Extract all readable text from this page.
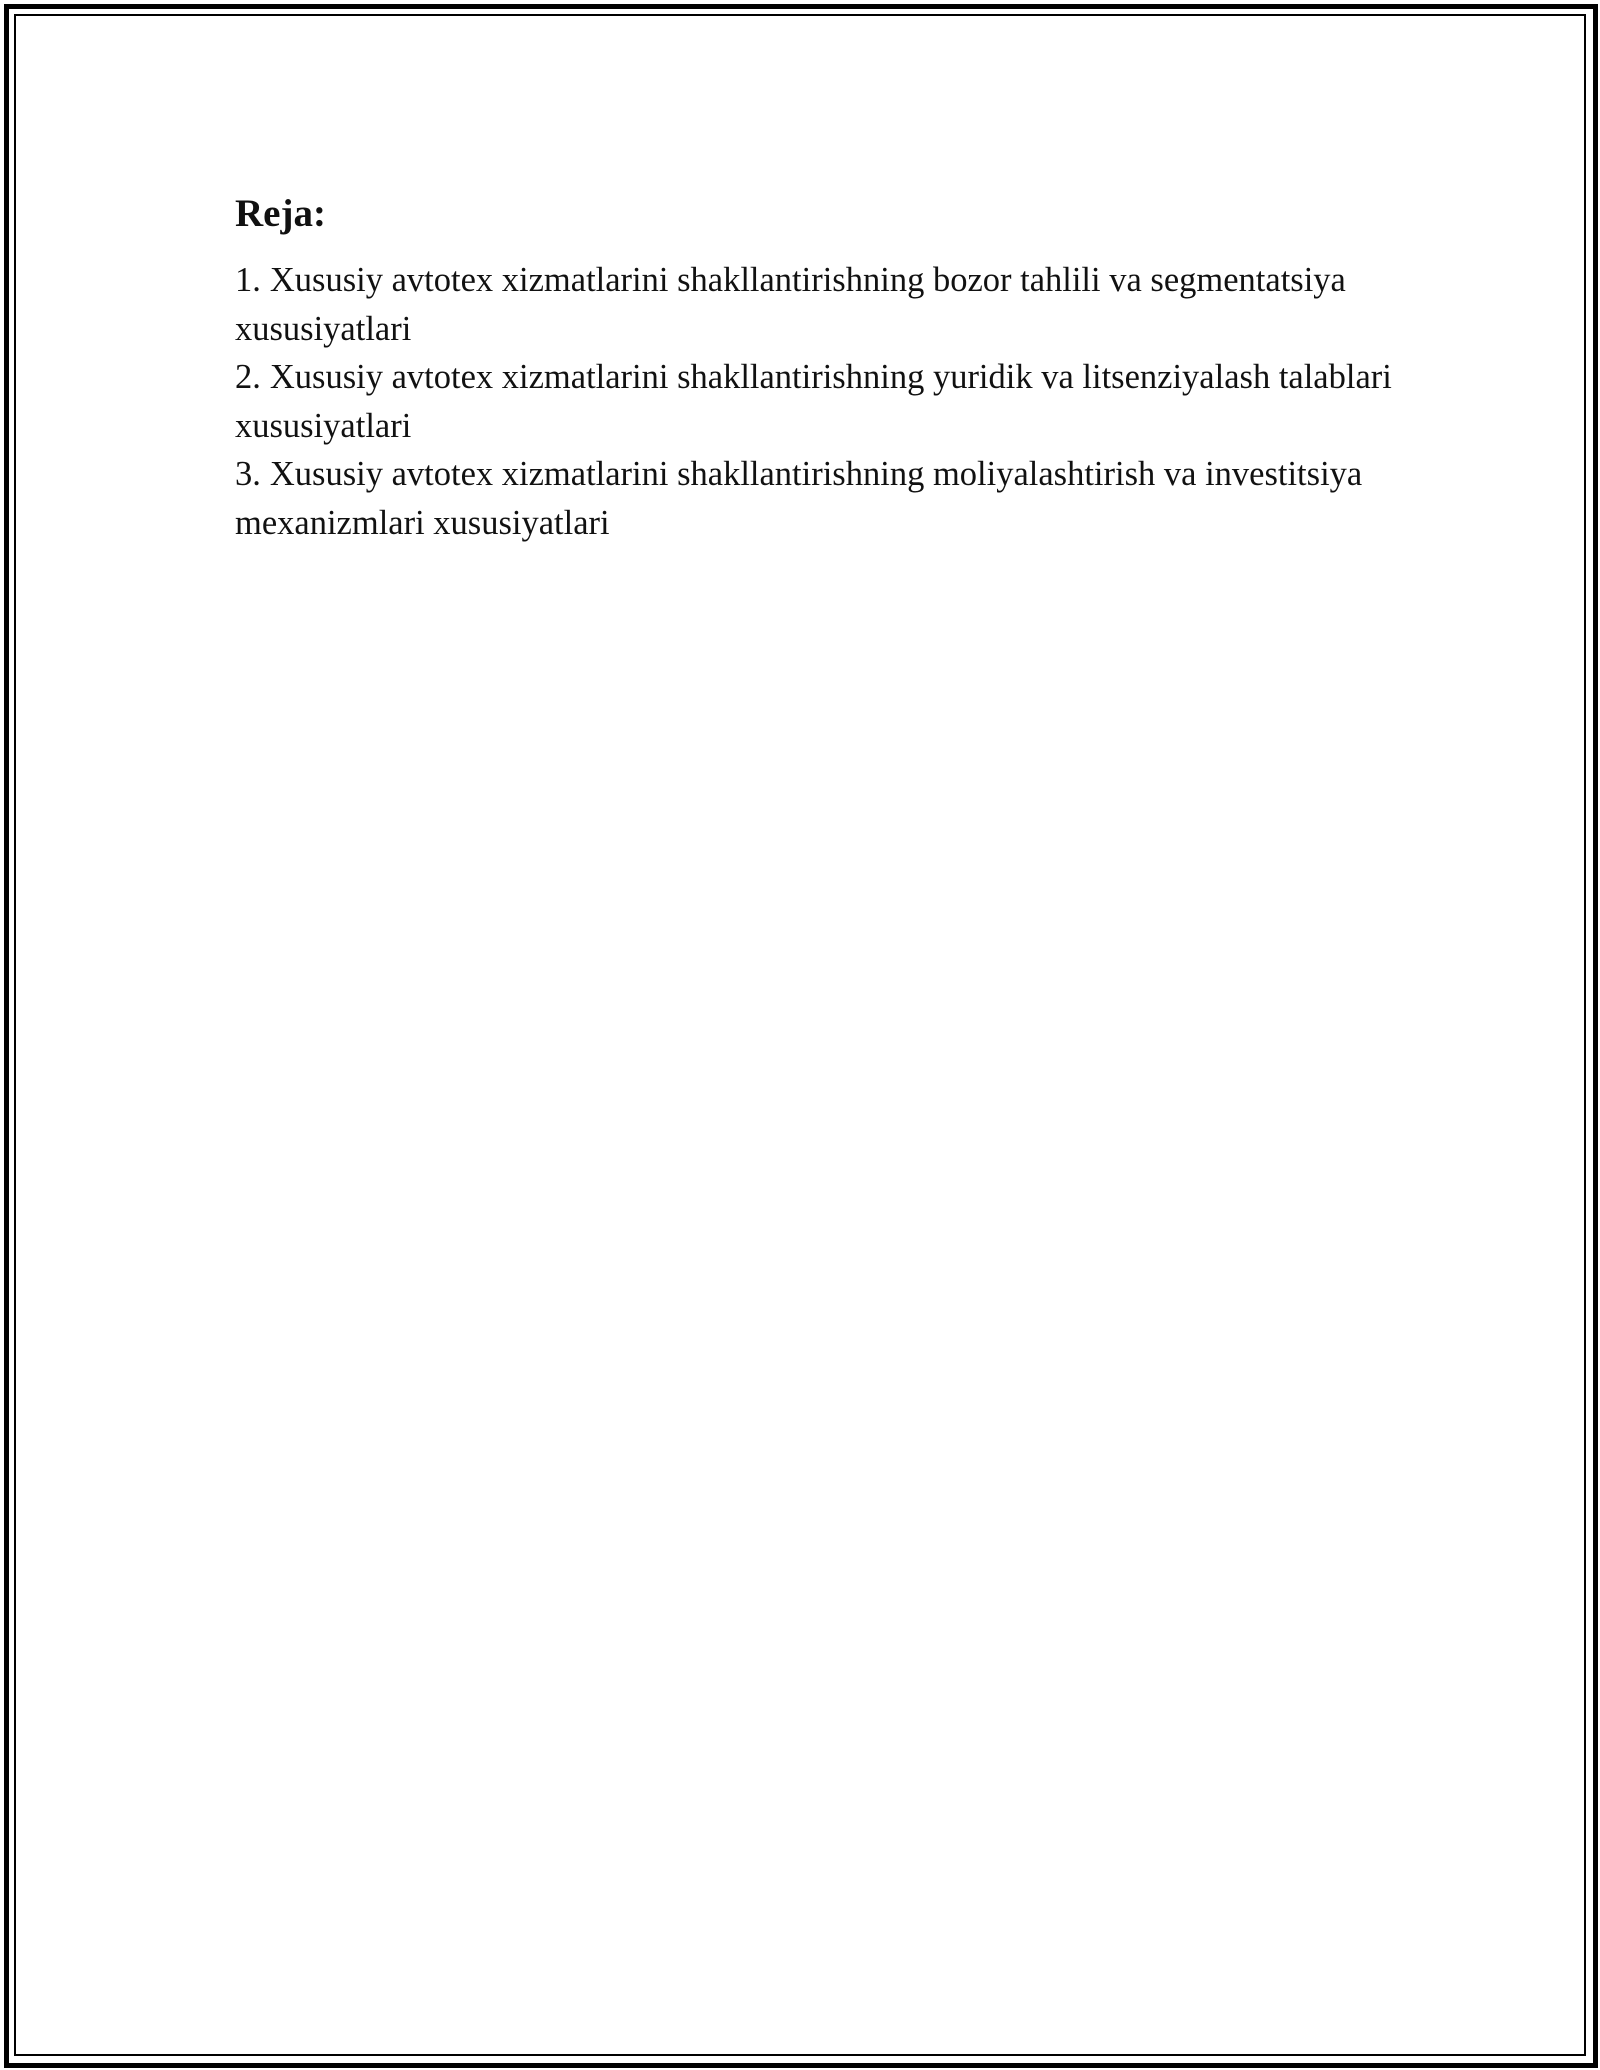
Reja:
1. Xususiy avtotex xizmatlarini shakllantirishning bozor tahlili va segmentatsiya xususiyatlari
2. Xususiy avtotex xizmatlarini shakllantirishning yuridik va litsenziyalash talablari xususiyatlari
3. Xususiy avtotex xizmatlarini shakllantirishning moliyalashtirish va investitsiya mexanizmlari xususiyatlari
